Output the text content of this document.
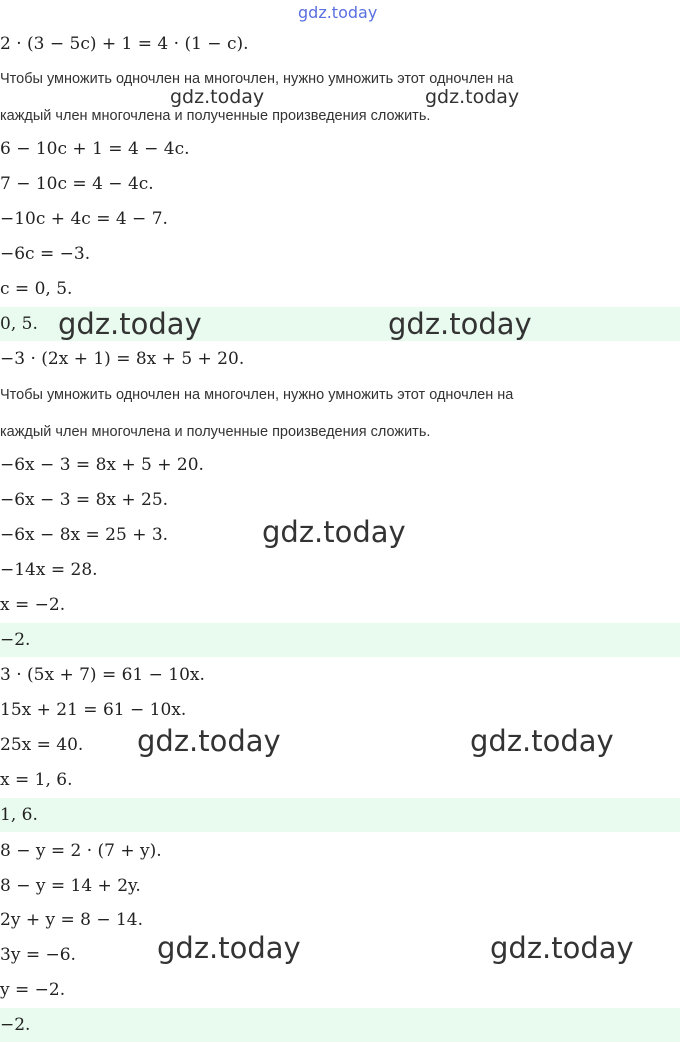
gdz.today
gdz.today	gdz.today
gdz.today	gdz.today
gdz.today
gdz.today	gdz.today
gdz.today	gdz.today
2 · (3 − 5c) + 1 = 4 · (1 − c).
Чтобы умножить одночлен на многочлен, нужно умножить этот одночлен на
каждый член многочлена и полученные произведения сложить.
6 − 10c + 1 = 4 − 4c.
7 − 10c = 4 − 4c.
−10c + 4c = 4 − 7.
−6c = −3.
c = 0, 5.
0, 5.
−3 · (2x + 1) = 8x + 5 + 20.
Чтобы умножить одночлен на многочлен, нужно умножить этот одночлен на
каждый член многочлена и полученные произведения сложить.
−6x − 3 = 8x + 5 + 20.
−6x − 3 = 8x + 25.
−6x − 8x = 25 + 3.
−14x = 28.
x = −2.
−2.
3 · (5x + 7) = 61 − 10x.
15x + 21 = 61 − 10x.
25x = 40.
x = 1, 6.
1, 6.
8 − y = 2 · (7 + y).
8 − y = 14 + 2y.
2y + y = 8 − 14.
3y = −6.
y = −2.
−2.
